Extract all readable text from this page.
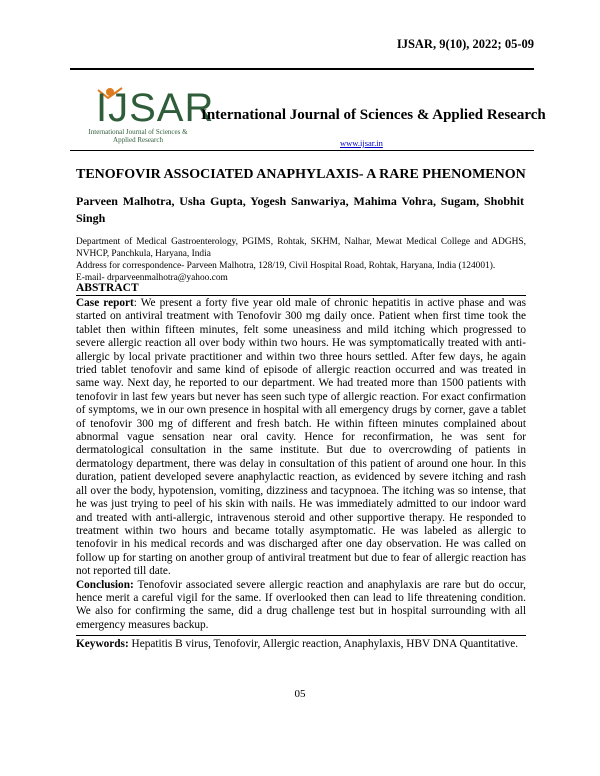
IJSAR, 9(10), 2022; 05-09
IJSAR
International Journal of Sciences & Applied Research
International Journal of Sciences & Applied Research
www.ijsar.in
TENOFOVIR ASSOCIATED ANAPHYLAXIS- A RARE PHENOMENON
Parveen Malhotra, Usha Gupta, Yogesh Sanwariya, Mahima Vohra, Sugam, Shobhit Singh
Department of Medical Gastroenterology, PGIMS, Rohtak, SKHM, Nalhar, Mewat Medical College and ADGHS, NVHCP, Panchkula, Haryana, India
Address for correspondence- Parveen Malhotra, 128/19, Civil Hospital Road, Rohtak, Haryana, India (124001).
E-mail- drparveenmalhotra@yahoo.com
ABSTRACT

Case report: We present a forty five year old male of chronic hepatitis in active phase and was started on antiviral treatment with Tenofovir 300 mg daily once. Patient when first time took the tablet then within fifteen minutes, felt some uneasiness and mild itching which progressed to severe allergic reaction all over body within two hours. He was symptomatically treated with anti-allergic by local private practitioner and within two three hours settled. After few days, he again tried tablet tenofovir and same kind of episode of allergic reaction occurred and was treated in same way. Next day, he reported to our department. We had treated more than 1500 patients with tenofovir in last few years but never has seen such type of allergic reaction. For exact confirmation of symptoms, we in our own presence in hospital with all emergency drugs by corner, gave a tablet of tenofovir 300 mg of different and fresh batch. He within fifteen minutes complained about abnormal vague sensation near oral cavity. Hence for reconfirmation, he was sent for dermatological consultation in the same institute. But due to overcrowding of patients in dermatology department, there was delay in consultation of this patient of around one hour. In this duration, patient developed severe anaphylactic reaction, as evidenced by severe itching and rash all over the body, hypotension, vomiting, dizziness and tacypnoea. The itching was so intense, that he was just trying to peel of his skin with nails. He was immediately admitted to our indoor ward and treated with anti-allergic, intravenous steroid and other supportive therapy. He responded to treatment within two hours and became totally asymptomatic. He was labeled as allergic to tenofovir in his medical records and was discharged after one day observation. He was called on follow up for starting on another group of antiviral treatment but due to fear of allergic reaction has not reported till date.

Conclusion: Tenofovir associated severe allergic reaction and anaphylaxis are rare but do occur, hence merit a careful vigil for the same. If overlooked then can lead to life threatening condition. We also for confirming the same, did a drug challenge test but in hospital surrounding with all emergency measures backup.

Keywords: Hepatitis B virus, Tenofovir, Allergic reaction, Anaphylaxis, HBV DNA Quantitative.
05
